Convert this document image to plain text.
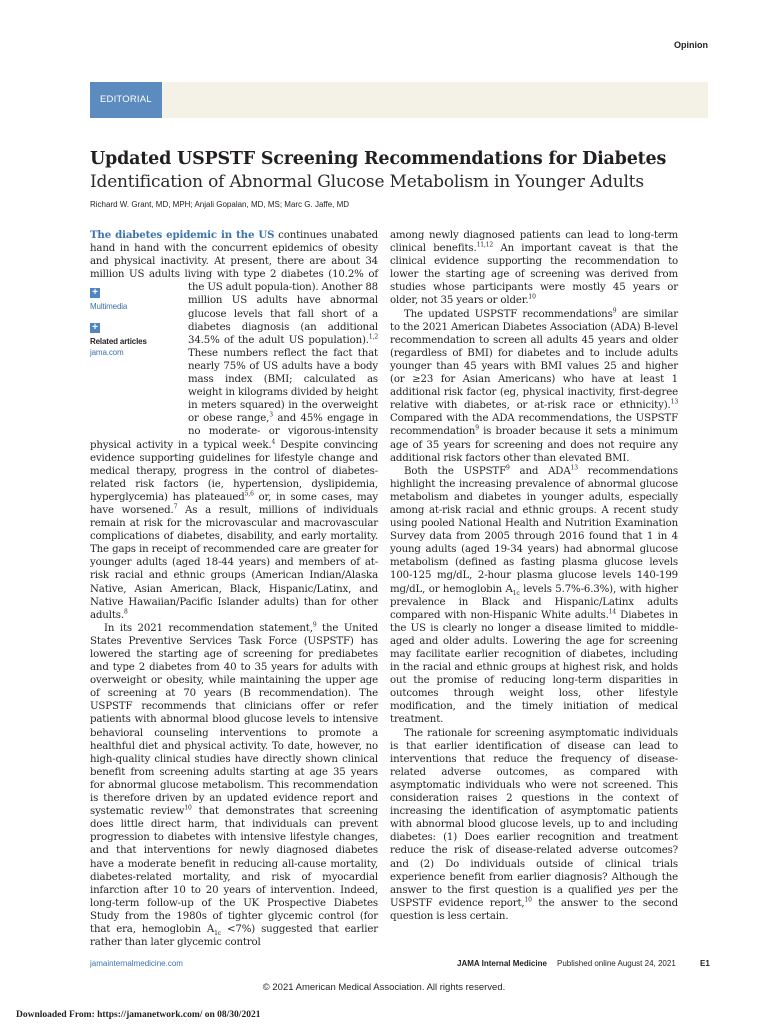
Opinion
EDITORIAL
Updated USPSTF Screening Recommendations for Diabetes
Identification of Abnormal Glucose Metabolism in Younger Adults
Richard W. Grant, MD, MPH; Anjali Gopalan, MD, MS; Marc G. Jaffe, MD

The diabetes epidemic in the US continues unabated hand in hand with the concurrent epidemics of obesity and physical inactivity. At present, there are about 34 million US adults living with type 2 diabetes (10.2% of the US adult popula-
+
Multimedia
+
Related articles
jama.com
tion). Another 88 million US adults have abnormal glucose levels that fall short of a diabetes diagnosis (an additional 34.5% of the adult US population).$^{1,2}$ These numbers reflect the fact that nearly 75% of US adults have a body mass index (BMI; calculated as weight in kilograms divided by height in meters squared) in the overweight or obese range,$^3$ and 45% engage in no moderate- or vigorous-intensity physical activity in a typical week.$^4$ Despite convincing evidence supporting guidelines for lifestyle change and medical therapy, progress in the control of diabetes-related risk factors (ie, hypertension, dyslipidemia, hyperglycemia) has plateaued$^{5,6}$ or, in some cases, may have worsened.$^7$ As a result, millions of individuals remain at risk for the microvascular and macrovascular complications of diabetes, disability, and early mortality. The gaps in receipt of recommended care are greater for younger adults (aged 18-44 years) and members of at-risk racial and ethnic groups (American Indian/Alaska Native, Asian American, Black, Hispanic/Latinx, and Native Hawaiian/Pacific Islander adults) than for other adults.$^8$

In its 2021 recommendation statement,$^9$ the United States Preventive Services Task Force (USPSTF) has lowered the starting age of screening for prediabetes and type 2 diabetes from 40 to 35 years for adults with overweight or obesity, while maintaining the upper age of screening at 70 years (B recommendation). The USPSTF recommends that clinicians offer or refer patients with abnormal blood glucose levels to intensive behavioral counseling interventions to promote a healthful diet and physical activity. To date, however, no high-quality clinical studies have directly shown clinical benefit from screening adults starting at age 35 years for abnormal glucose metabolism. This recommendation is therefore driven by an updated evidence report and systematic review$^{10}$ that demonstrates that screening does little direct harm, that individuals can prevent progression to diabetes with intensive lifestyle changes, and that interventions for newly diagnosed diabetes have a moderate benefit in reducing all-cause mortality, diabetes-related mortality, and risk of myocardial infarction after 10 to 20 years of intervention. Indeed, long-term follow-up of the UK Prospective Diabetes Study from the 1980s of tighter glycemic control (for that era, hemoglobin $A_{1c} <7\%$) suggested that earlier rather than later glycemic control

among newly diagnosed patients can lead to long-term clinical benefits.$^{11,12}$ An important caveat is that the clinical evidence supporting the recommendation to lower the starting age of screening was derived from studies whose participants were mostly 45 years or older, not 35 years or older.$^{10}$

The updated USPSTF recommendations$^9$ are similar to the 2021 American Diabetes Association (ADA) B-level recommendation to screen all adults 45 years and older (regardless of BMI) for diabetes and to include adults younger than 45 years with BMI values 25 and higher (or ≥23 for Asian Americans) who have at least 1 additional risk factor (eg, physical inactivity, first-degree relative with diabetes, or at-risk race or ethnicity).$^{13}$ Compared with the ADA recommendations, the USPSTF recommendation$^9$ is broader because it sets a minimum age of 35 years for screening and does not require any additional risk factors other than elevated BMI.

Both the USPSTF$^9$ and ADA$^{13}$ recommendations highlight the increasing prevalence of abnormal glucose metabolism and diabetes in younger adults, especially among at-risk racial and ethnic groups. A recent study using pooled National Health and Nutrition Examination Survey data from 2005 through 2016 found that 1 in 4 young adults (aged 19-34 years) had abnormal glucose metabolism (defined as fasting plasma glucose levels 100-125 mg/dL, 2-hour plasma glucose levels 140-199 mg/dL, or hemoglobin $A_{1c}$ levels 5.7%-6.3%), with higher prevalence in Black and Hispanic/Latinx adults compared with non-Hispanic White adults.$^{14}$ Diabetes in the US is clearly no longer a disease limited to middle-aged and older adults. Lowering the age for screening may facilitate earlier recognition of diabetes, including in the racial and ethnic groups at highest risk, and holds out the promise of reducing long-term disparities in outcomes through weight loss, other lifestyle modification, and the timely initiation of medical treatment.

The rationale for screening asymptomatic individuals is that earlier identification of disease can lead to interventions that reduce the frequency of disease-related adverse outcomes, as compared with asymptomatic individuals who were not screened. This consideration raises 2 questions in the context of increasing the identification of asymptomatic patients with abnormal blood glucose levels, up to and including diabetes: (1) Does earlier recognition and treatment reduce the risk of disease-related adverse outcomes? and (2) Do individuals outside of clinical trials experience benefit from earlier diagnosis? Although the answer to the first question is a qualified yes per the USPSTF evidence report,$^{10}$ the answer to the second question is less certain.

jamainternalmedicine.com	JAMA Internal Medicine Published online August 24, 2021	E1
© 2021 American Medical Association. All rights reserved.
Downloaded From: https://jamanetwork.com/ on 08/30/2021
